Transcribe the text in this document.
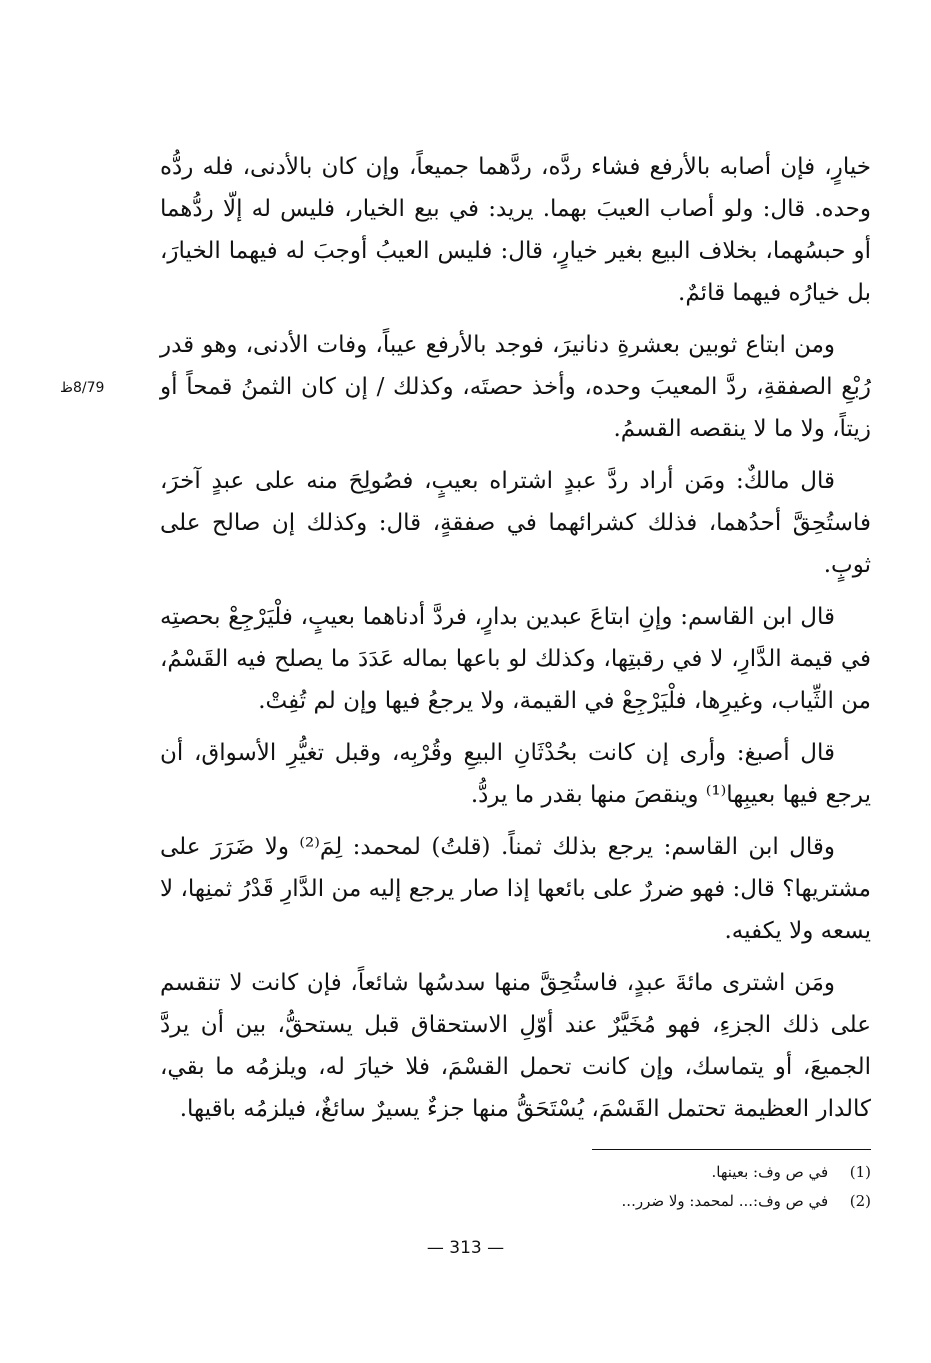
خيارٍ، فإن أصابه بالأرفع فشاء ردَّه، ردَّهما جميعاً، وإن كان بالأدنى، فله ردُّه وحده. قال: ولو أصاب العيبَ بهما. يريد: في بيع الخيار، فليس له إلّا ردُّهما أو حبسُهما، بخلاف البيع بغير خيارٍ، قال: فليس العيبُ أوجبَ له فيهما الخيارَ، بل خيارُه فيهما قائمٌ.

ومن ابتاع ثوبين بعشرةِ دنانيرَ، فوجد بالأرفع عيباً، وفات الأدنى، وهو قدر رُبْعِ الصفقةِ، ردَّ المعيبَ وحده، وأخذ حصتَه، وكذلك / إن كان الثمنُ قمحاً أو زيتاً، ولا ما لا ينقصه القسمُ.

قال مالكٌ: ومَن أراد ردَّ عبدٍ اشتراه بعيبٍ، فصُولِحَ منه على عبدٍ آخرَ، فاستُحِقَّ أحدُهما، فذلك كشرائهما في صفقةٍ، قال: وكذلك إن صالح على ثوبٍ.

قال ابن القاسم: وإنِ ابتاعَ عبدين بدارٍ، فردَّ أدناهما بعيبٍ، فلْيَرْجِعْ بحصتِه في قيمة الدَّارِ، لا في رقبتِها، وكذلك لو باعها بماله عَدَدَ ما يصلح فيه القَسْمُ، من الثِّياب، وغيرِها، فلْيَرْجِعْ في القيمة، ولا يرجعُ فيها وإن لم تُفِتْ.

قال أصبغ: وأرى إن كانت بحُدْثَانِ البيعِ وقُرْبِه، وقبل تغيُّرِ الأسواق، أن يرجع فيها بعيبِها⁽¹⁾ وينقصَ منها بقدر ما يردُّ.

وقال ابن القاسم: يرجع بذلك ثمناً. (قلتُ) لمحمد: لِمَ⁽²⁾ ولا ضَرَرَ على مشتريها؟ قال: فهو ضررٌ على بائعها إذا صار يرجع إليه من الدَّارِ قَدْرُ ثمنِها، لا يسعه ولا يكفيه.

ومَن اشترى مائةَ عبدٍ، فاستُحِقَّ منها سدسُها شائعاً، فإن كانت لا تنقسم على ذلك الجزءِ، فهو مُخَيَّرٌ عند أوّلِ الاستحقاق قبل يستحقُّ، بين أن يردَّ الجميعَ، أو يتماسك، وإن كانت تحمل القسْمَ، فلا خيارَ له، ويلزمُه ما بقي، كالدار العظيمة تحتمل القَسْمَ، يُسْتَحَقُّ منها جزءٌ يسيرٌ سائغٌ، فيلزمُه باقيها.

8/79ظ
(1) في ص وف: بعينها.
(2) في ص وف:... لمحمد: ولا ضرر...
— 313 —
